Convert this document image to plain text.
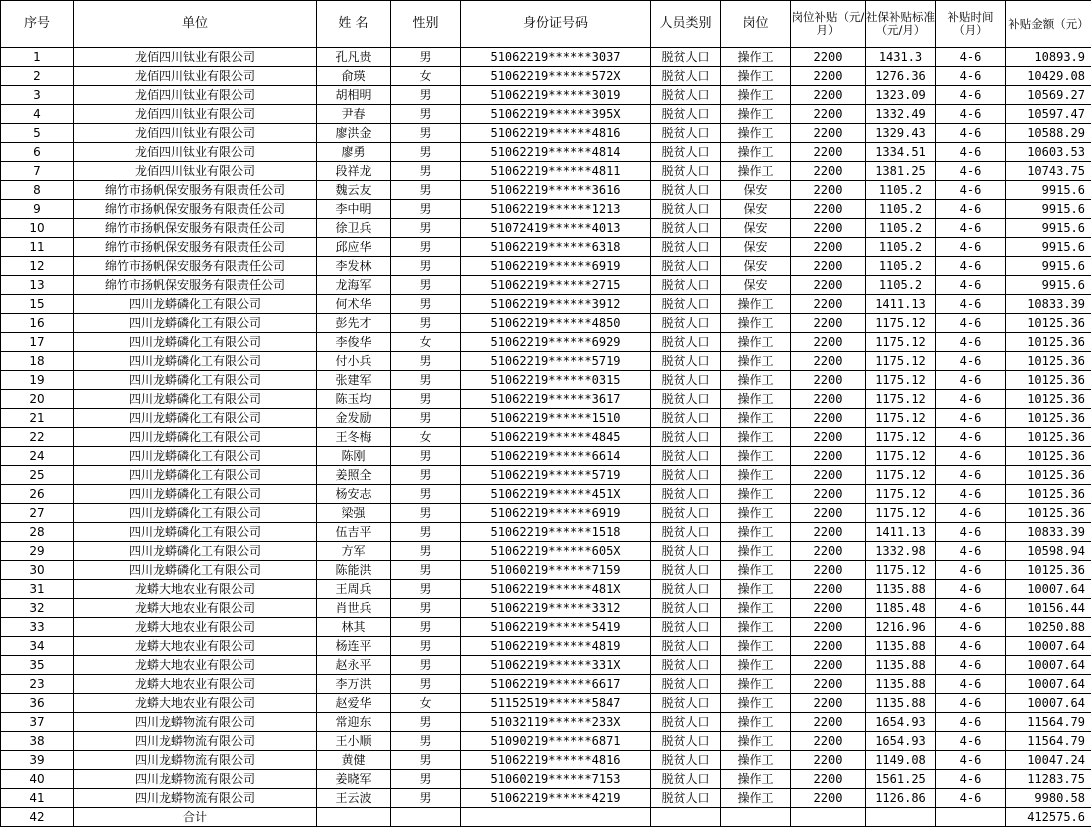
序号	单位	姓 名	性别	身份证号码	人员类别	岗位	岗位补贴（元/月）	社保补贴标准（元/月）	补贴时间（月）	补贴金额（元）
1	龙佰四川钛业有限公司	孔凡贵	男	51062219******3037	脱贫人口	操作工	2200	1431.3	4-6	10893.9
2	龙佰四川钛业有限公司	俞瑛	女	51062219******572X	脱贫人口	操作工	2200	1276.36	4-6	10429.08
3	龙佰四川钛业有限公司	胡相明	男	51062219******3019	脱贫人口	操作工	2200	1323.09	4-6	10569.27
4	龙佰四川钛业有限公司	尹春	男	51062219******395X	脱贫人口	操作工	2200	1332.49	4-6	10597.47
5	龙佰四川钛业有限公司	廖洪金	男	51062219******4816	脱贫人口	操作工	2200	1329.43	4-6	10588.29
6	龙佰四川钛业有限公司	廖勇	男	51062219******4814	脱贫人口	操作工	2200	1334.51	4-6	10603.53
7	龙佰四川钛业有限公司	段祥龙	男	51062219******4811	脱贫人口	操作工	2200	1381.25	4-6	10743.75
8	绵竹市扬帆保安服务有限责任公司	魏云友	男	51062219******3616	脱贫人口	保安	2200	1105.2	4-6	9915.6
9	绵竹市扬帆保安服务有限责任公司	李中明	男	51062219******1213	脱贫人口	保安	2200	1105.2	4-6	9915.6
10	绵竹市扬帆保安服务有限责任公司	徐卫兵	男	51072419******4013	脱贫人口	保安	2200	1105.2	4-6	9915.6
11	绵竹市扬帆保安服务有限责任公司	邱应华	男	51062219******6318	脱贫人口	保安	2200	1105.2	4-6	9915.6
12	绵竹市扬帆保安服务有限责任公司	李发林	男	51062219******6919	脱贫人口	保安	2200	1105.2	4-6	9915.6
13	绵竹市扬帆保安服务有限责任公司	龙海军	男	51062219******2715	脱贫人口	保安	2200	1105.2	4-6	9915.6
15	四川龙蟒磷化工有限公司	何术华	男	51062219******3912	脱贫人口	操作工	2200	1411.13	4-6	10833.39
16	四川龙蟒磷化工有限公司	彭先才	男	51062219******4850	脱贫人口	操作工	2200	1175.12	4-6	10125.36
17	四川龙蟒磷化工有限公司	李俊华	女	51062219******6929	脱贫人口	操作工	2200	1175.12	4-6	10125.36
18	四川龙蟒磷化工有限公司	付小兵	男	51062219******5719	脱贫人口	操作工	2200	1175.12	4-6	10125.36
19	四川龙蟒磷化工有限公司	张建军	男	51062219******0315	脱贫人口	操作工	2200	1175.12	4-6	10125.36
20	四川龙蟒磷化工有限公司	陈玉均	男	51062219******3617	脱贫人口	操作工	2200	1175.12	4-6	10125.36
21	四川龙蟒磷化工有限公司	金发励	男	51062219******1510	脱贫人口	操作工	2200	1175.12	4-6	10125.36
22	四川龙蟒磷化工有限公司	王冬梅	女	51062219******4845	脱贫人口	操作工	2200	1175.12	4-6	10125.36
24	四川龙蟒磷化工有限公司	陈刚	男	51062219******6614	脱贫人口	操作工	2200	1175.12	4-6	10125.36
25	四川龙蟒磷化工有限公司	姜照全	男	51062219******5719	脱贫人口	操作工	2200	1175.12	4-6	10125.36
26	四川龙蟒磷化工有限公司	杨安志	男	51062219******451X	脱贫人口	操作工	2200	1175.12	4-6	10125.36
27	四川龙蟒磷化工有限公司	梁强	男	51062219******6919	脱贫人口	操作工	2200	1175.12	4-6	10125.36
28	四川龙蟒磷化工有限公司	伍吉平	男	51062219******1518	脱贫人口	操作工	2200	1411.13	4-6	10833.39
29	四川龙蟒磷化工有限公司	方军	男	51062219******605X	脱贫人口	操作工	2200	1332.98	4-6	10598.94
30	四川龙蟒磷化工有限公司	陈能洪	男	51060219******7159	脱贫人口	操作工	2200	1175.12	4-6	10125.36
31	龙蟒大地农业有限公司	王周兵	男	51062219******481X	脱贫人口	操作工	2200	1135.88	4-6	10007.64
32	龙蟒大地农业有限公司	肖世兵	男	51062219******3312	脱贫人口	操作工	2200	1185.48	4-6	10156.44
33	龙蟒大地农业有限公司	林其	男	51062219******5419	脱贫人口	操作工	2200	1216.96	4-6	10250.88
34	龙蟒大地农业有限公司	杨连平	男	51062219******4819	脱贫人口	操作工	2200	1135.88	4-6	10007.64
35	龙蟒大地农业有限公司	赵永平	男	51062219******331X	脱贫人口	操作工	2200	1135.88	4-6	10007.64
23	龙蟒大地农业有限公司	李万洪	男	51062219******6617	脱贫人口	操作工	2200	1135.88	4-6	10007.64
36	龙蟒大地农业有限公司	赵爱华	女	51152519******5847	脱贫人口	操作工	2200	1135.88	4-6	10007.64
37	四川龙蟒物流有限公司	常迎东	男	51032119******233X	脱贫人口	操作工	2200	1654.93	4-6	11564.79
38	四川龙蟒物流有限公司	王小顺	男	51090219******6871	脱贫人口	操作工	2200	1654.93	4-6	11564.79
39	四川龙蟒物流有限公司	黄健	男	51062219******4816	脱贫人口	操作工	2200	1149.08	4-6	10047.24
40	四川龙蟒物流有限公司	姜晓军	男	51060219******7153	脱贫人口	操作工	2200	1561.25	4-6	11283.75
41	四川龙蟒物流有限公司	王云波	男	51062219******4219	脱贫人口	操作工	2200	1126.86	4-6	9980.58
42	合计									412575.6
